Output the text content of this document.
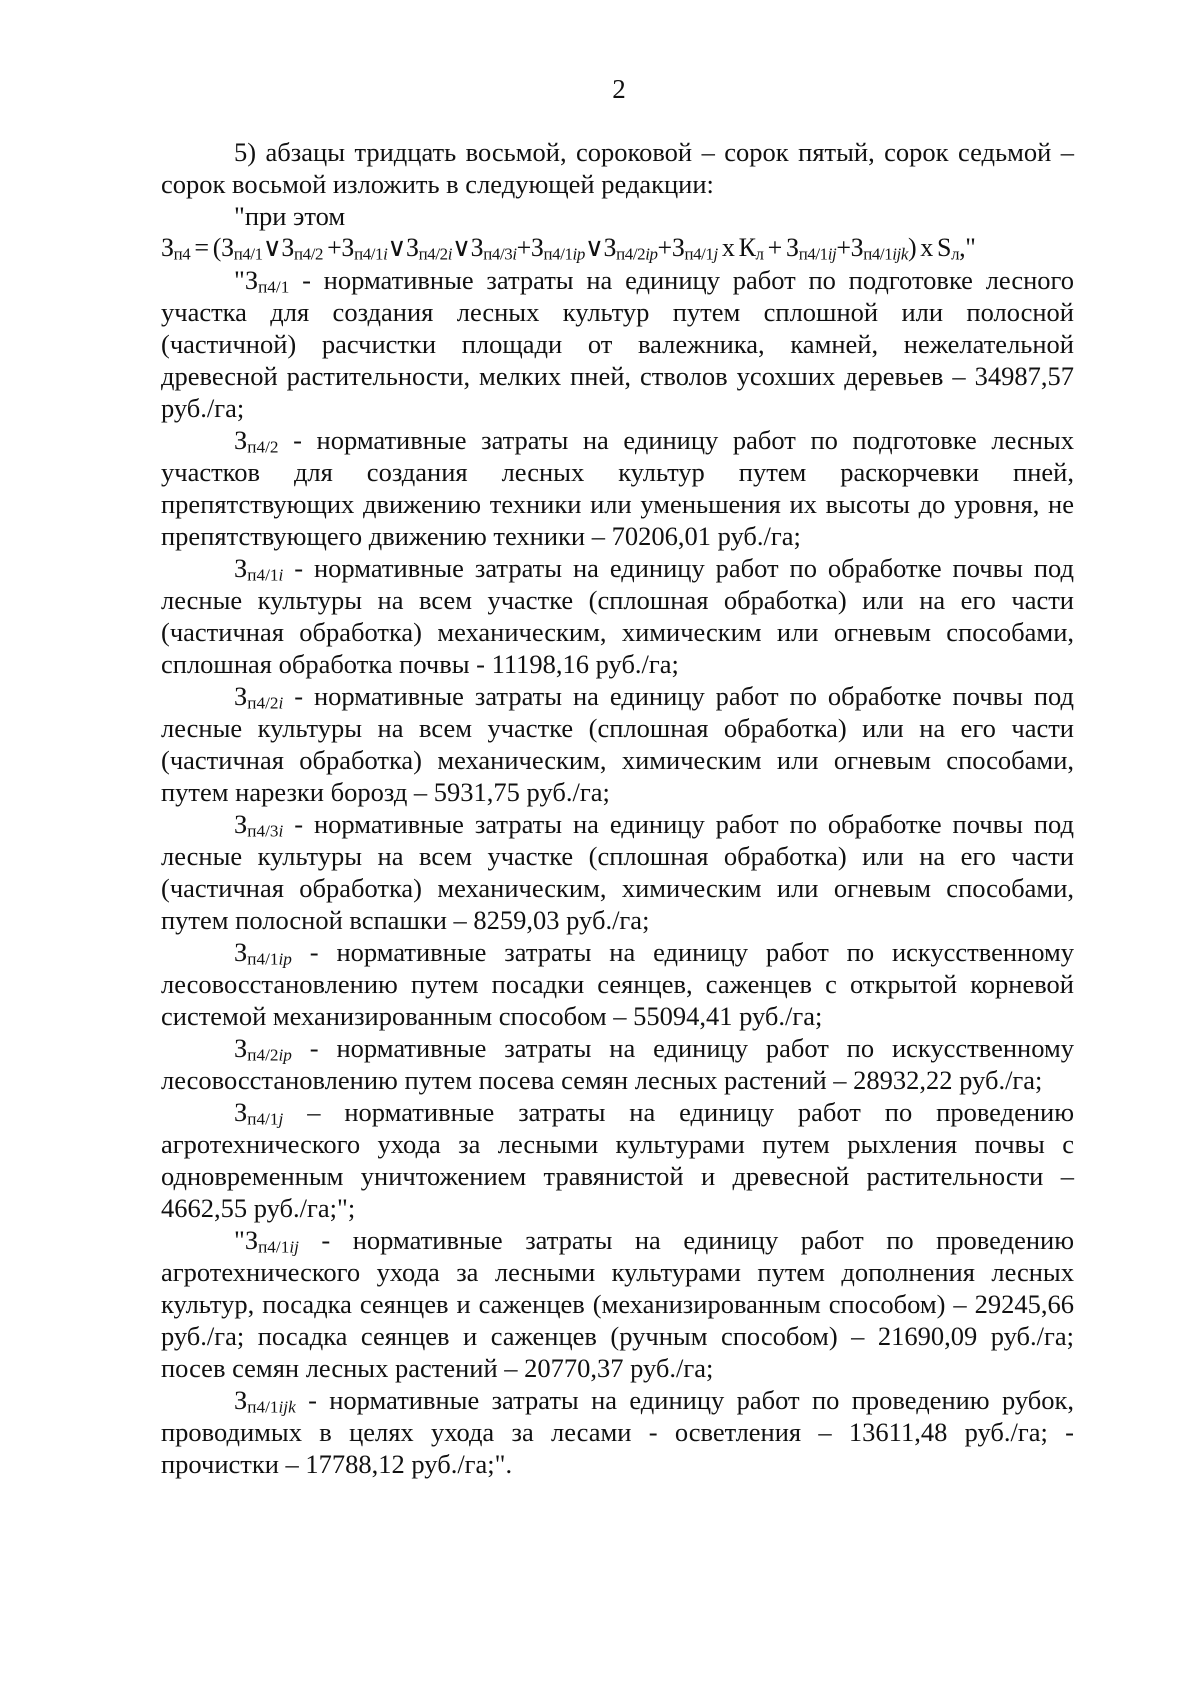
2

5) абзацы тридцать восьмой, сороковой – сорок пятый, сорок седьмой – сорок восьмой изложить в следующей редакции:

"при этом

$З_{п4}$ = ($З_{п4/1}\vee З_{п4/2}$ $+З_{п4/1i}\vee З_{п4/2i}\vee З_{п4/3i}+З_{п4/1ip}\vee З_{п4/2ip}+З_{п4/1j}$ x $К_л + З_{п4/1ij}+З_{п4/1ijk}$) x $S_л$,"

"$З_{п4/1}$ - нормативные затраты на единицу работ по подготовке лесного участка для создания лесных культур путем сплошной или полосной (частичной) расчистки площади от валежника, камней, нежелательной древесной растительности, мелких пней, стволов усохших деревьев – 34987,57 руб./га;

$З_{п4/2}$ - нормативные затраты на единицу работ по подготовке лесных участков для создания лесных культур путем раскорчевки пней, препятствующих движению техники или уменьшения их высоты до уровня, не препятствующего движению техники – 70206,01 руб./га;

$З_{п4/1i}$ - нормативные затраты на единицу работ по обработке почвы под лесные культуры на всем участке (сплошная обработка) или на его части (частичная обработка) механическим, химическим или огневым способами, сплошная обработка почвы - 11198,16 руб./га;

$З_{п4/2i}$ - нормативные затраты на единицу работ по обработке почвы под лесные культуры на всем участке (сплошная обработка) или на его части (частичная обработка) механическим, химическим или огневым способами, путем нарезки борозд – 5931,75 руб./га;

$З_{п4/3i}$ - нормативные затраты на единицу работ по обработке почвы под лесные культуры на всем участке (сплошная обработка) или на его части (частичная обработка) механическим, химическим или огневым способами, путем полосной вспашки – 8259,03 руб./га;

$З_{п4/1ip}$ - нормативные затраты на единицу работ по искусственному лесовосстановлению путем посадки сеянцев, саженцев с открытой корневой системой механизированным способом – 55094,41 руб./га;

$З_{п4/2ip}$ - нормативные затраты на единицу работ по искусственному лесовосстановлению путем посева семян лесных растений – 28932,22 руб./га;

$З_{п4/1j}$ – нормативные затраты на единицу работ по проведению агротехнического ухода за лесными культурами путем рыхления почвы с одновременным уничтожением травянистой и древесной растительности – 4662,55 руб./га;";

"$З_{п4/1ij}$ - нормативные затраты на единицу работ по проведению агротехнического ухода за лесными культурами путем дополнения лесных культур, посадка сеянцев и саженцев (механизированным способом) – 29245,66 руб./га; посадка сеянцев и саженцев (ручным способом) – 21690,09 руб./га; посев семян лесных растений – 20770,37 руб./га;

$З_{п4/1ijk}$ - нормативные затраты на единицу работ по проведению рубок, проводимых в целях ухода за лесами - осветления – 13611,48 руб./га; - прочистки – 17788,12 руб./га;".
